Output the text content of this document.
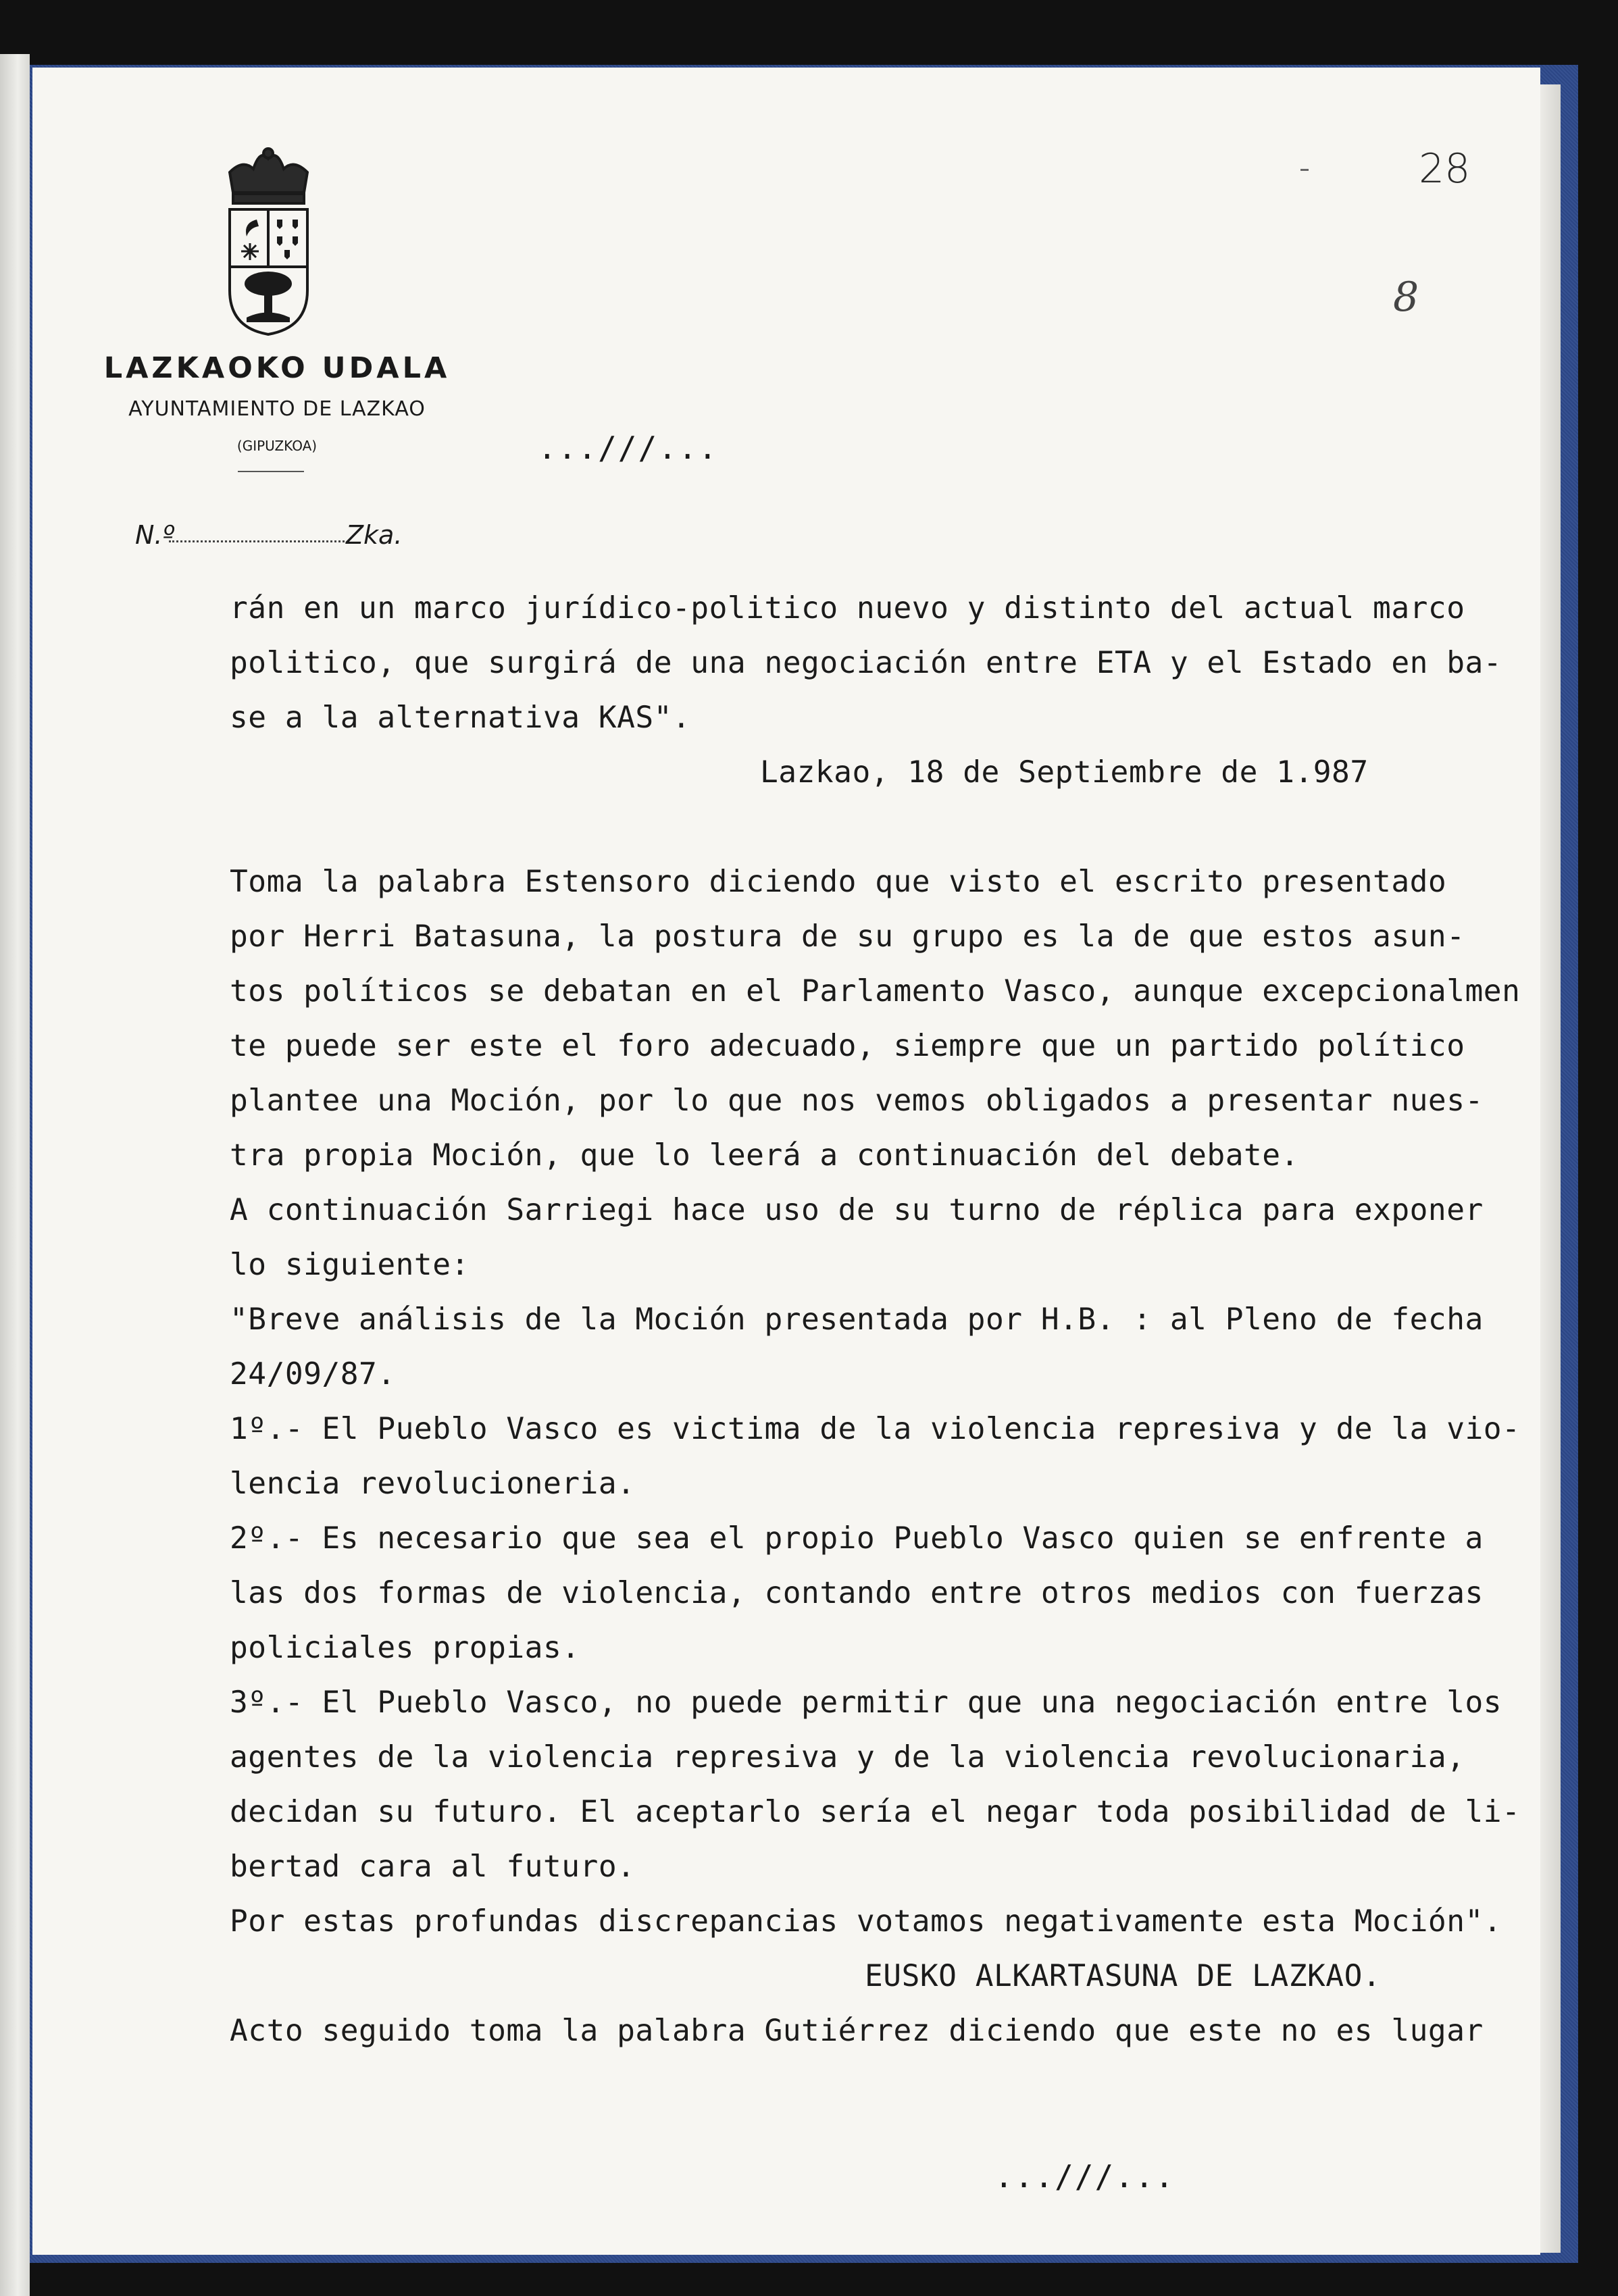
LAZKAOKO UDALA
AYUNTAMIENTO DE LAZKAO
(GIPUZKOA)	...///...
N.º	Zka.
28
8
rán en un marco jurídico-politico nuevo y distinto del actual marco
politico, que surgirá de una negociación entre ETA y el Estado en ba-
se a la alternativa KAS".
Lazkao, 18 de Septiembre de 1.987
Toma la palabra Estensoro diciendo que visto el escrito presentado
por Herri Batasuna, la postura de su grupo es la de que estos asun-
tos políticos se debatan en el Parlamento Vasco, aunque excepcionalmen
te puede ser este el foro adecuado, siempre que un partido político
plantee una Moción, por lo que nos vemos obligados a presentar nues-
tra propia Moción, que lo leerá a continuación del debate.
A continuación Sarriegi hace uso de su turno de réplica para exponer
lo siguiente:
"Breve análisis de la Moción presentada por H.B. : al Pleno de fecha
24/09/87.
1º.- El Pueblo Vasco es victima de la violencia represiva y de la vio-
lencia revolucioneria.
2º.- Es necesario que sea el propio Pueblo Vasco quien se enfrente a
las dos formas de violencia, contando entre otros medios con fuerzas
policiales propias.
3º.- El Pueblo Vasco, no puede permitir que una negociación entre los
agentes de la violencia represiva y de la violencia revolucionaria,
decidan su futuro. El aceptarlo sería el negar toda posibilidad de li-
bertad cara al futuro.
Por estas profundas discrepancias votamos negativamente esta Moción".
EUSKO ALKARTASUNA DE LAZKAO.
Acto seguido toma la palabra Gutiérrez diciendo que este no es lugar
...///...
